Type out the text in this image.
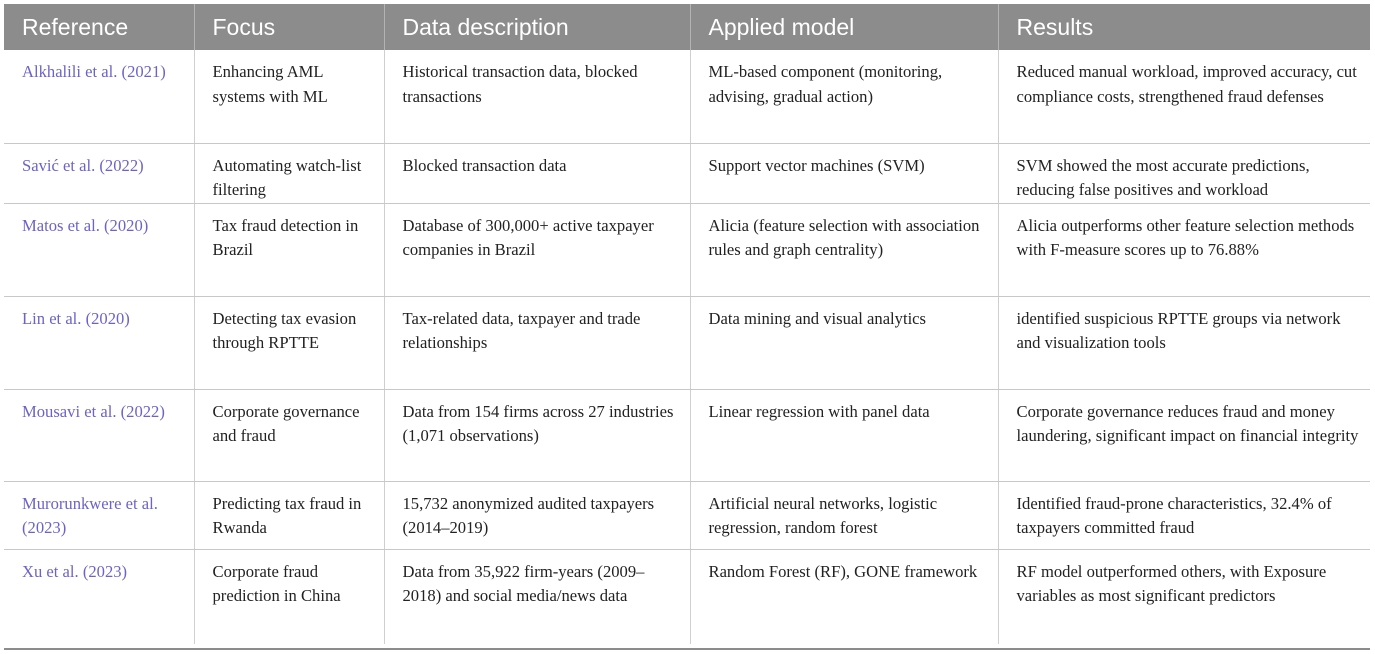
Reference	Focus	Data description	Applied model	Results
Alkhalili et al. (2021)	Enhancing AML systems with ML	Historical transaction data, blocked transactions	ML-based component (monitoring, advising, gradual action)	Reduced manual workload, improved accuracy, cut compliance costs, strengthened fraud defenses
Savić et al. (2022)	Automating watch-list filtering	Blocked transaction data	Support vector machines (SVM)	SVM showed the most accurate predictions, reducing false positives and workload
Matos et al. (2020)	Tax fraud detection in Brazil	Database of 300,000+ active taxpayer companies in Brazil	Alicia (feature selection with association rules and graph centrality)	Alicia outperforms other feature selection methods with F-measure scores up to 76.88%
Lin et al. (2020)	Detecting tax evasion through RPTTE	Tax-related data, taxpayer and trade relationships	Data mining and visual analytics	identified suspicious RPTTE groups via network and visualization tools
Mousavi et al. (2022)	Corporate governance and fraud	Data from 154 firms across 27 industries (1,071 observations)	Linear regression with panel data	Corporate governance reduces fraud and money laundering, significant impact on financial integrity
Murorunkwere et al. (2023)	Predicting tax fraud in Rwanda	15,732 anonymized audited taxpayers (2014–2019)	Artificial neural networks, logistic regression, random forest	Identified fraud-prone characteristics, 32.4% of taxpayers committed fraud
Xu et al. (2023)	Corporate fraud prediction in China	Data from 35,922 firm-years (2009–2018) and social media/news data	Random Forest (RF), GONE framework	RF model outperformed others, with Exposure variables as most significant predictors
